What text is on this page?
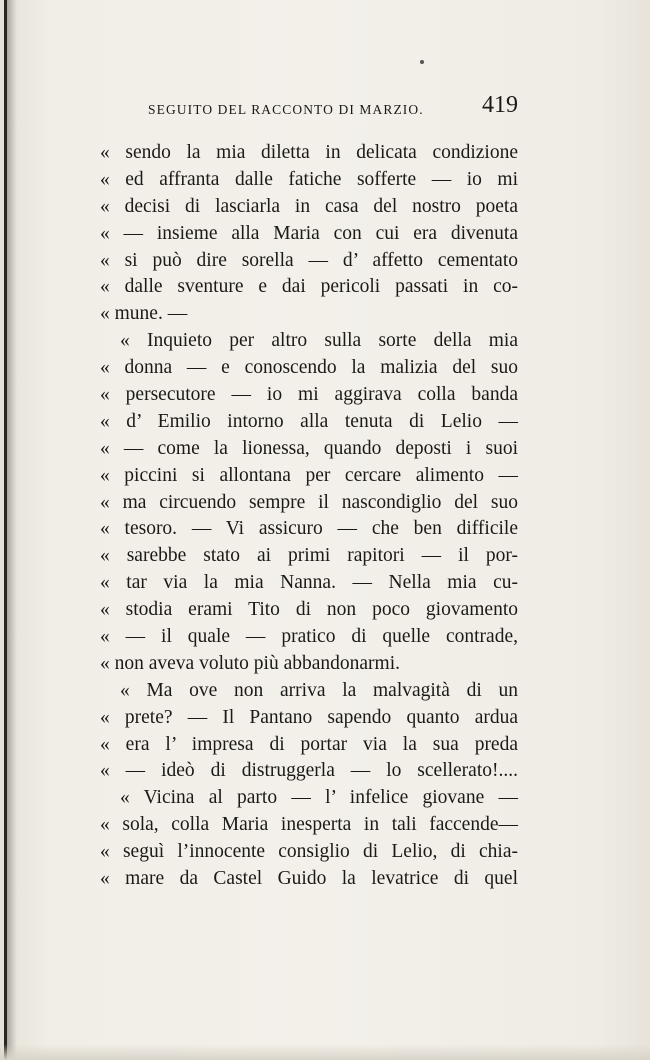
SEGUITO DEL RACCONTO DI MARZIO. 419
« sendo la mia diletta in delicata condizione
« ed affranta dalle fatiche sofferte — io mi
« decisi di lasciarla in casa del nostro poeta
« — insieme alla Maria con cui era divenuta
« si può dire sorella — d’ affetto cementato
« dalle sventure e dai pericoli passati in co-
« mune. —
« Inquieto per altro sulla sorte della mia
« donna — e conoscendo la malizia del suo
« persecutore — io mi aggirava colla banda
« d’ Emilio intorno alla tenuta di Lelio —
« — come la lionessa, quando deposti i suoi
« piccini si allontana per cercare alimento —
« ma circuendo sempre il nascondiglio del suo
« tesoro. — Vi assicuro — che ben difficile
« sarebbe stato ai primi rapitori — il por-
« tar via la mia Nanna. — Nella mia cu-
« stodia erami Tito di non poco giovamento
« — il quale — pratico di quelle contrade,
« non aveva voluto più abbandonarmi.
« Ma ove non arriva la malvagità di un
« prete? — Il Pantano sapendo quanto ardua
« era l’ impresa di portar via la sua preda
« — ideò di distruggerla — lo scellerato!....
« Vicina al parto — l’ infelice giovane —
« sola, colla Maria inesperta in tali faccende—
« seguì l’innocente consiglio di Lelio, di chia-
« mare da Castel Guido la levatrice di quel
